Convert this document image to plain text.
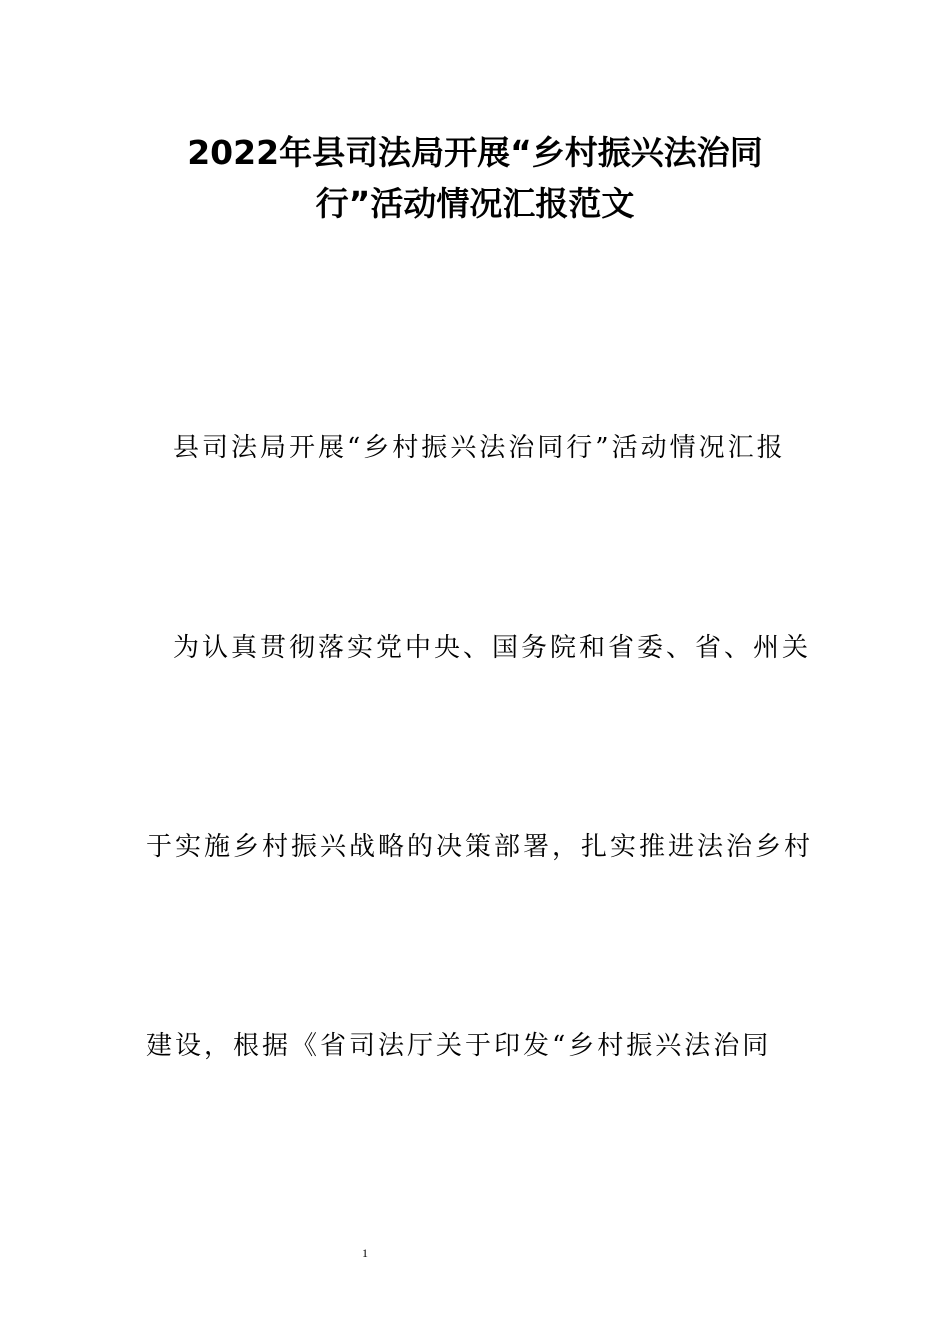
2022年县司法局开展“乡村振兴法治同
行”活动情况汇报范文
县司法局开展“乡村振兴法治同行”活动情况汇报
为认真贯彻落实党中央、国务院和省委、省、州关
于实施乡村振兴战略的决策部署，扎实推进法治乡村
建设，根据《省司法厅关于印发“乡村振兴法治同
1
